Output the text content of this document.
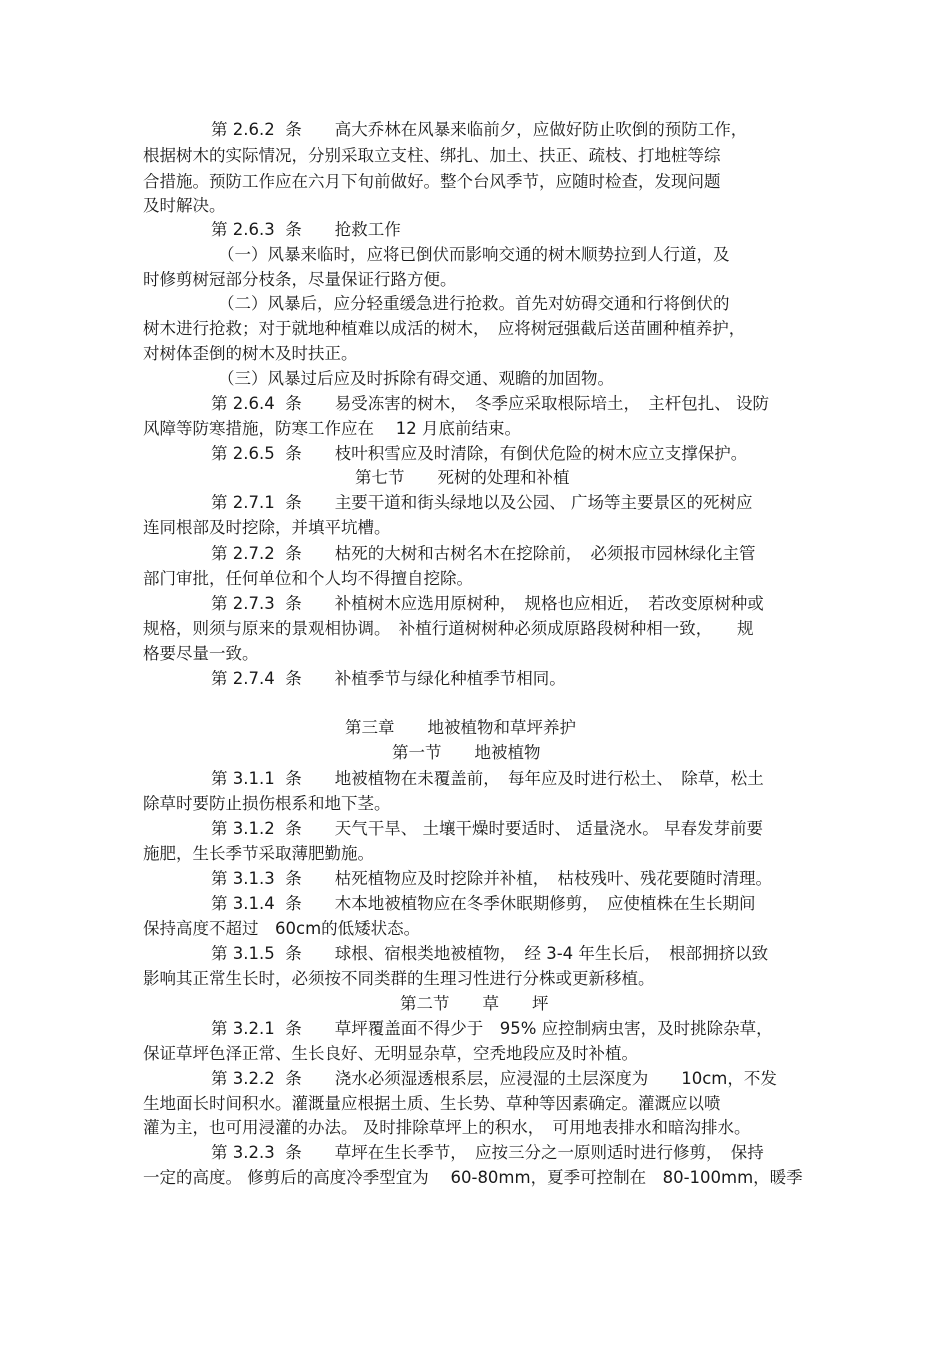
第 2.6.2  条　　高大乔林在风暴来临前夕，应做好防止吹倒的预防工作，
根据树木的实际情况，分别采取立支柱、绑扎、加土、扶正、疏枝、打地桩等综
合措施。预防工作应在六月下旬前做好。整个台风季节，应随时检查，发现问题
及时解决。
第 2.6.3  条　　抢救工作
（一）风暴来临时，应将已倒伏而影响交通的树木顺势拉到人行道，及
时修剪树冠部分枝条，尽量保证行路方便。
（二）风暴后，应分轻重缓急进行抢救。首先对妨碍交通和行将倒伏的
树木进行抢救；对于就地种植难以成活的树木，　应将树冠强截后送苗圃种植养护，
对树体歪倒的树木及时扶正。
（三）风暴过后应及时拆除有碍交通、观瞻的加固物。
第 2.6.4  条　　易受冻害的树木，　冬季应采取根际培土，　主杆包扎、 设防
风障等防寒措施，防寒工作应在　 12 月底前结束。
第 2.6.5  条　　枝叶积雪应及时清除，有倒伏危险的树木应立支撑保护。
第七节　　死树的处理和补植
第 2.7.1  条　　主要干道和街头绿地以及公园、 广场等主要景区的死树应
连同根部及时挖除，并填平坑槽。
第 2.7.2  条　　枯死的大树和古树名木在挖除前，　必须报市园林绿化主管
部门审批，任何单位和个人均不得擅自挖除。
第 2.7.3  条　　补植树木应选用原树种，　规格也应相近，　若改变原树种或
规格，则须与原来的景观相协调。　补植行道树树种必须成原路段树种相一致，　　规
格要尽量一致。
第 2.7.4  条　　补植季节与绿化种植季节相同。
第三章　　地被植物和草坪养护
第一节　　地被植物
第 3.1.1  条　　地被植物在未覆盖前，　每年应及时进行松土、　除草，松土
除草时要防止损伤根系和地下茎。
第 3.1.2  条　　天气干旱、 土壤干燥时要适时、 适量浇水。 早春发芽前要
施肥，生长季节采取薄肥勤施。
第 3.1.3  条　　枯死植物应及时挖除并补植，　枯枝残叶、残花要随时清理。
第 3.1.4  条　　木本地被植物应在冬季休眠期修剪，　应使植株在生长期间
保持高度不超过　60cm的低矮状态。
第 3.1.5  条　　球根、宿根类地被植物，　经 3-4 年生长后，　根部拥挤以致
影响其正常生长时，必须按不同类群的生理习性进行分株或更新移植。
第二节　　草　　坪
第 3.2.1  条　　草坪覆盖面不得少于　95% 应控制病虫害，及时挑除杂草，
保证草坪色泽正常、生长良好、无明显杂草，空秃地段应及时补植。
第 3.2.2  条　　浇水必须湿透根系层，应浸湿的土层深度为　　10cm，不发
生地面长时间积水。灌溉量应根据土质、生长势、草种等因素确定。灌溉应以喷
灌为主，也可用浸灌的办法。 及时排除草坪上的积水，　可用地表排水和暗沟排水。
第 3.2.3  条　　草坪在生长季节，　应按三分之一原则适时进行修剪，　保持
一定的高度。 修剪后的高度冷季型宜为　 60-80mm，夏季可控制在　80-100mm，暖季
